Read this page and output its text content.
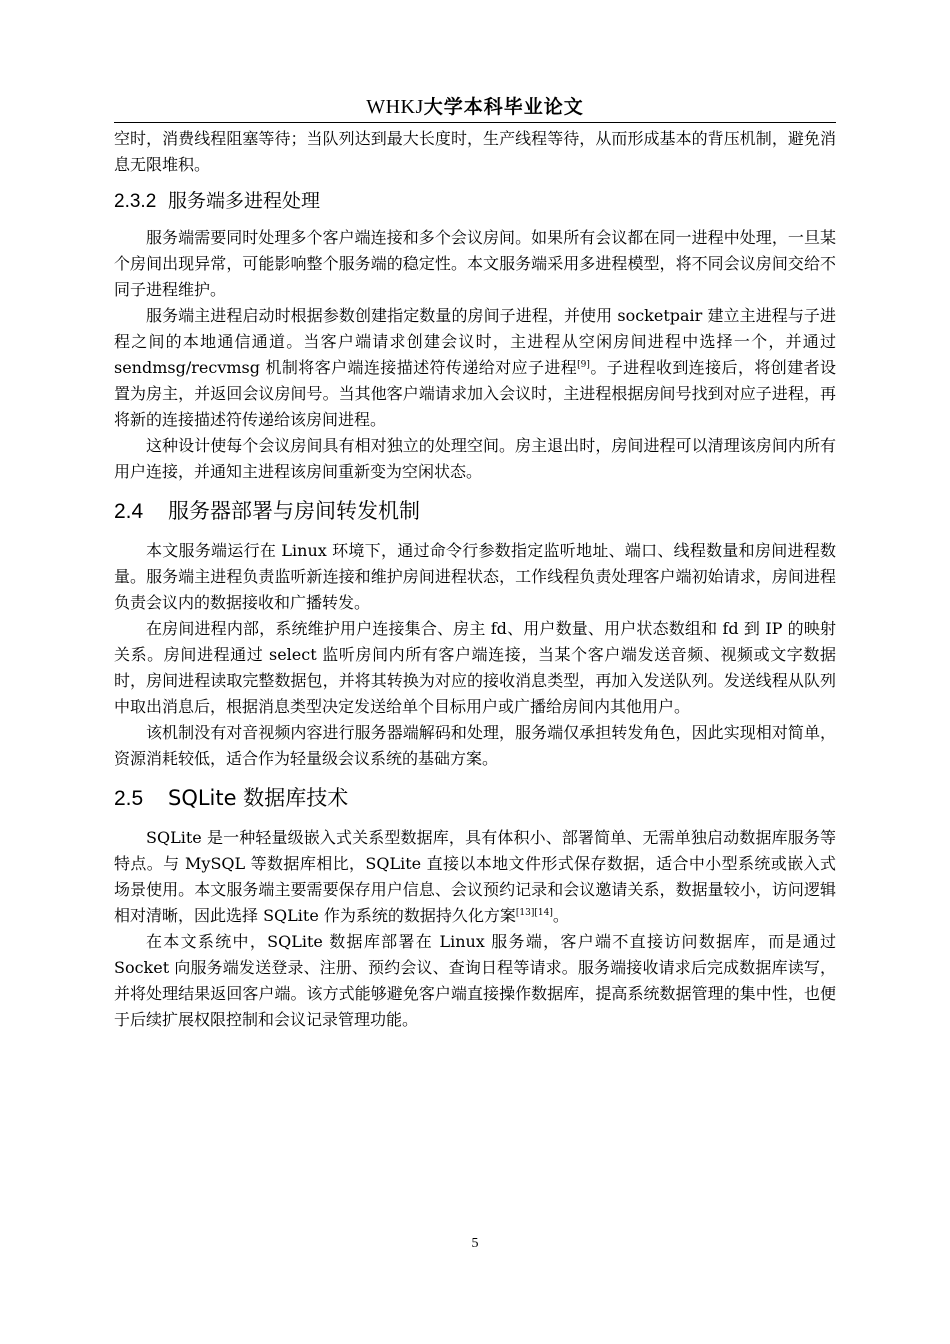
WHKJ大学本科毕业论文

空时，消费线程阻塞等待；当队列达到最大长度时，生产线程等待，从而形成基本的背压机制，避免消息无限堆积。

2.3.2 服务端多进程处理

服务端需要同时处理多个客户端连接和多个会议房间。如果所有会议都在同一进程中处理，一旦某个房间出现异常，可能影响整个服务端的稳定性。本文服务端采用多进程模型，将不同会议房间交给不同子进程维护。

服务端主进程启动时根据参数创建指定数量的房间子进程，并使用 socketpair 建立主进程与子进程之间的本地通信通道。当客户端请求创建会议时，主进程从空闲房间进程中选择一个，并通过 sendmsg/recvmsg 机制将客户端连接描述符传递给对应子进程[9]。子进程收到连接后，将创建者设置为房主，并返回会议房间号。当其他客户端请求加入会议时，主进程根据房间号找到对应子进程，再将新的连接描述符传递给该房间进程。

这种设计使每个会议房间具有相对独立的处理空间。房主退出时，房间进程可以清理该房间内所有用户连接，并通知主进程该房间重新变为空闲状态。

2.4 服务器部署与房间转发机制

本文服务端运行在 Linux 环境下，通过命令行参数指定监听地址、端口、线程数量和房间进程数量。服务端主进程负责监听新连接和维护房间进程状态，工作线程负责处理客户端初始请求，房间进程负责会议内的数据接收和广播转发。

在房间进程内部，系统维护用户连接集合、房主 fd、用户数量、用户状态数组和 fd 到 IP 的映射关系。房间进程通过 select 监听房间内所有客户端连接，当某个客户端发送音频、视频或文字数据时，房间进程读取完整数据包，并将其转换为对应的接收消息类型，再加入发送队列。发送线程从队列中取出消息后，根据消息类型决定发送给单个目标用户或广播给房间内其他用户。

该机制没有对音视频内容进行服务器端解码和处理，服务端仅承担转发角色，因此实现相对简单，资源消耗较低，适合作为轻量级会议系统的基础方案。

2.5 SQLite 数据库技术

SQLite 是一种轻量级嵌入式关系型数据库，具有体积小、部署简单、无需单独启动数据库服务等特点。与 MySQL 等数据库相比，SQLite 直接以本地文件形式保存数据，适合中小型系统或嵌入式场景使用。本文服务端主要需要保存用户信息、会议预约记录和会议邀请关系，数据量较小，访问逻辑相对清晰，因此选择 SQLite 作为系统的数据持久化方案[13][14]。

在本文系统中，SQLite 数据库部署在 Linux 服务端，客户端不直接访问数据库，而是通过 Socket 向服务端发送登录、注册、预约会议、查询日程等请求。服务端接收请求后完成数据库读写，并将处理结果返回客户端。该方式能够避免客户端直接操作数据库，提高系统数据管理的集中性，也便于后续扩展权限控制和会议记录管理功能。

5
